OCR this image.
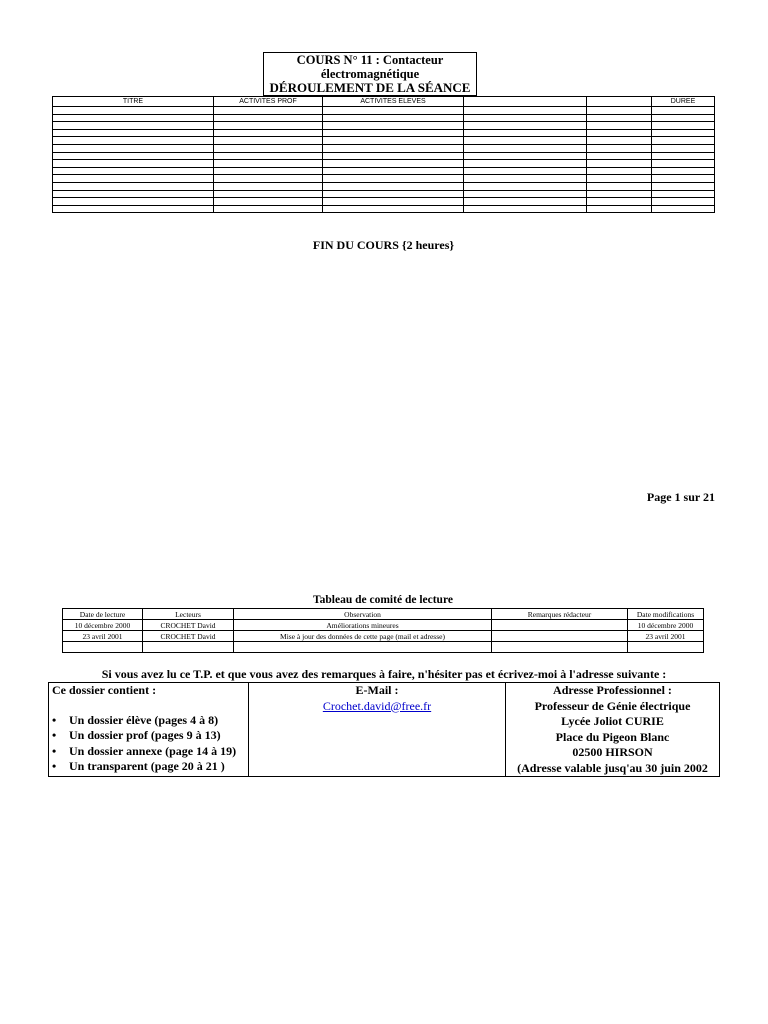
COURS N° 11 : Contacteur
électromagnétique
DÉROULEMENT DE LA SÉANCE
TITRE	ACTIVITES PROF	ACTIVITES ELEVES			DUREE

FIN DU COURS {2 heures}
Page 1 sur 21
Tableau de comité de lecture
Date de lecture	Lecteurs	Observation	Remarques rédacteur	Date modifications
10 décembre 2000	CROCHET David	Améliorations mineures		10 décembre 2000
23 avril 2001	CROCHET David	Mise à jour des données de cette page (mail et adresse)		23 avril 2001

Si vous avez lu ce T.P. et que vous avez des remarques à faire, n'hésiter pas et écrivez-moi à l'adresse suivante :
Ce dossier contient :
• Un dossier élève (pages 4 à 8)
• Un dossier prof (pages 9 à 13)
• Un dossier annexe (page 14 à 19)
• Un transparent (page 20 à 21 )

E-Mail :
Crochet.david@free.fr	
Adresse Professionnel :
Professeur de Génie électrique
Lycée Joliot CURIE
Place du Pigeon Blanc
02500 HIRSON
(Adresse valable jusq'au 30 juin 2002
